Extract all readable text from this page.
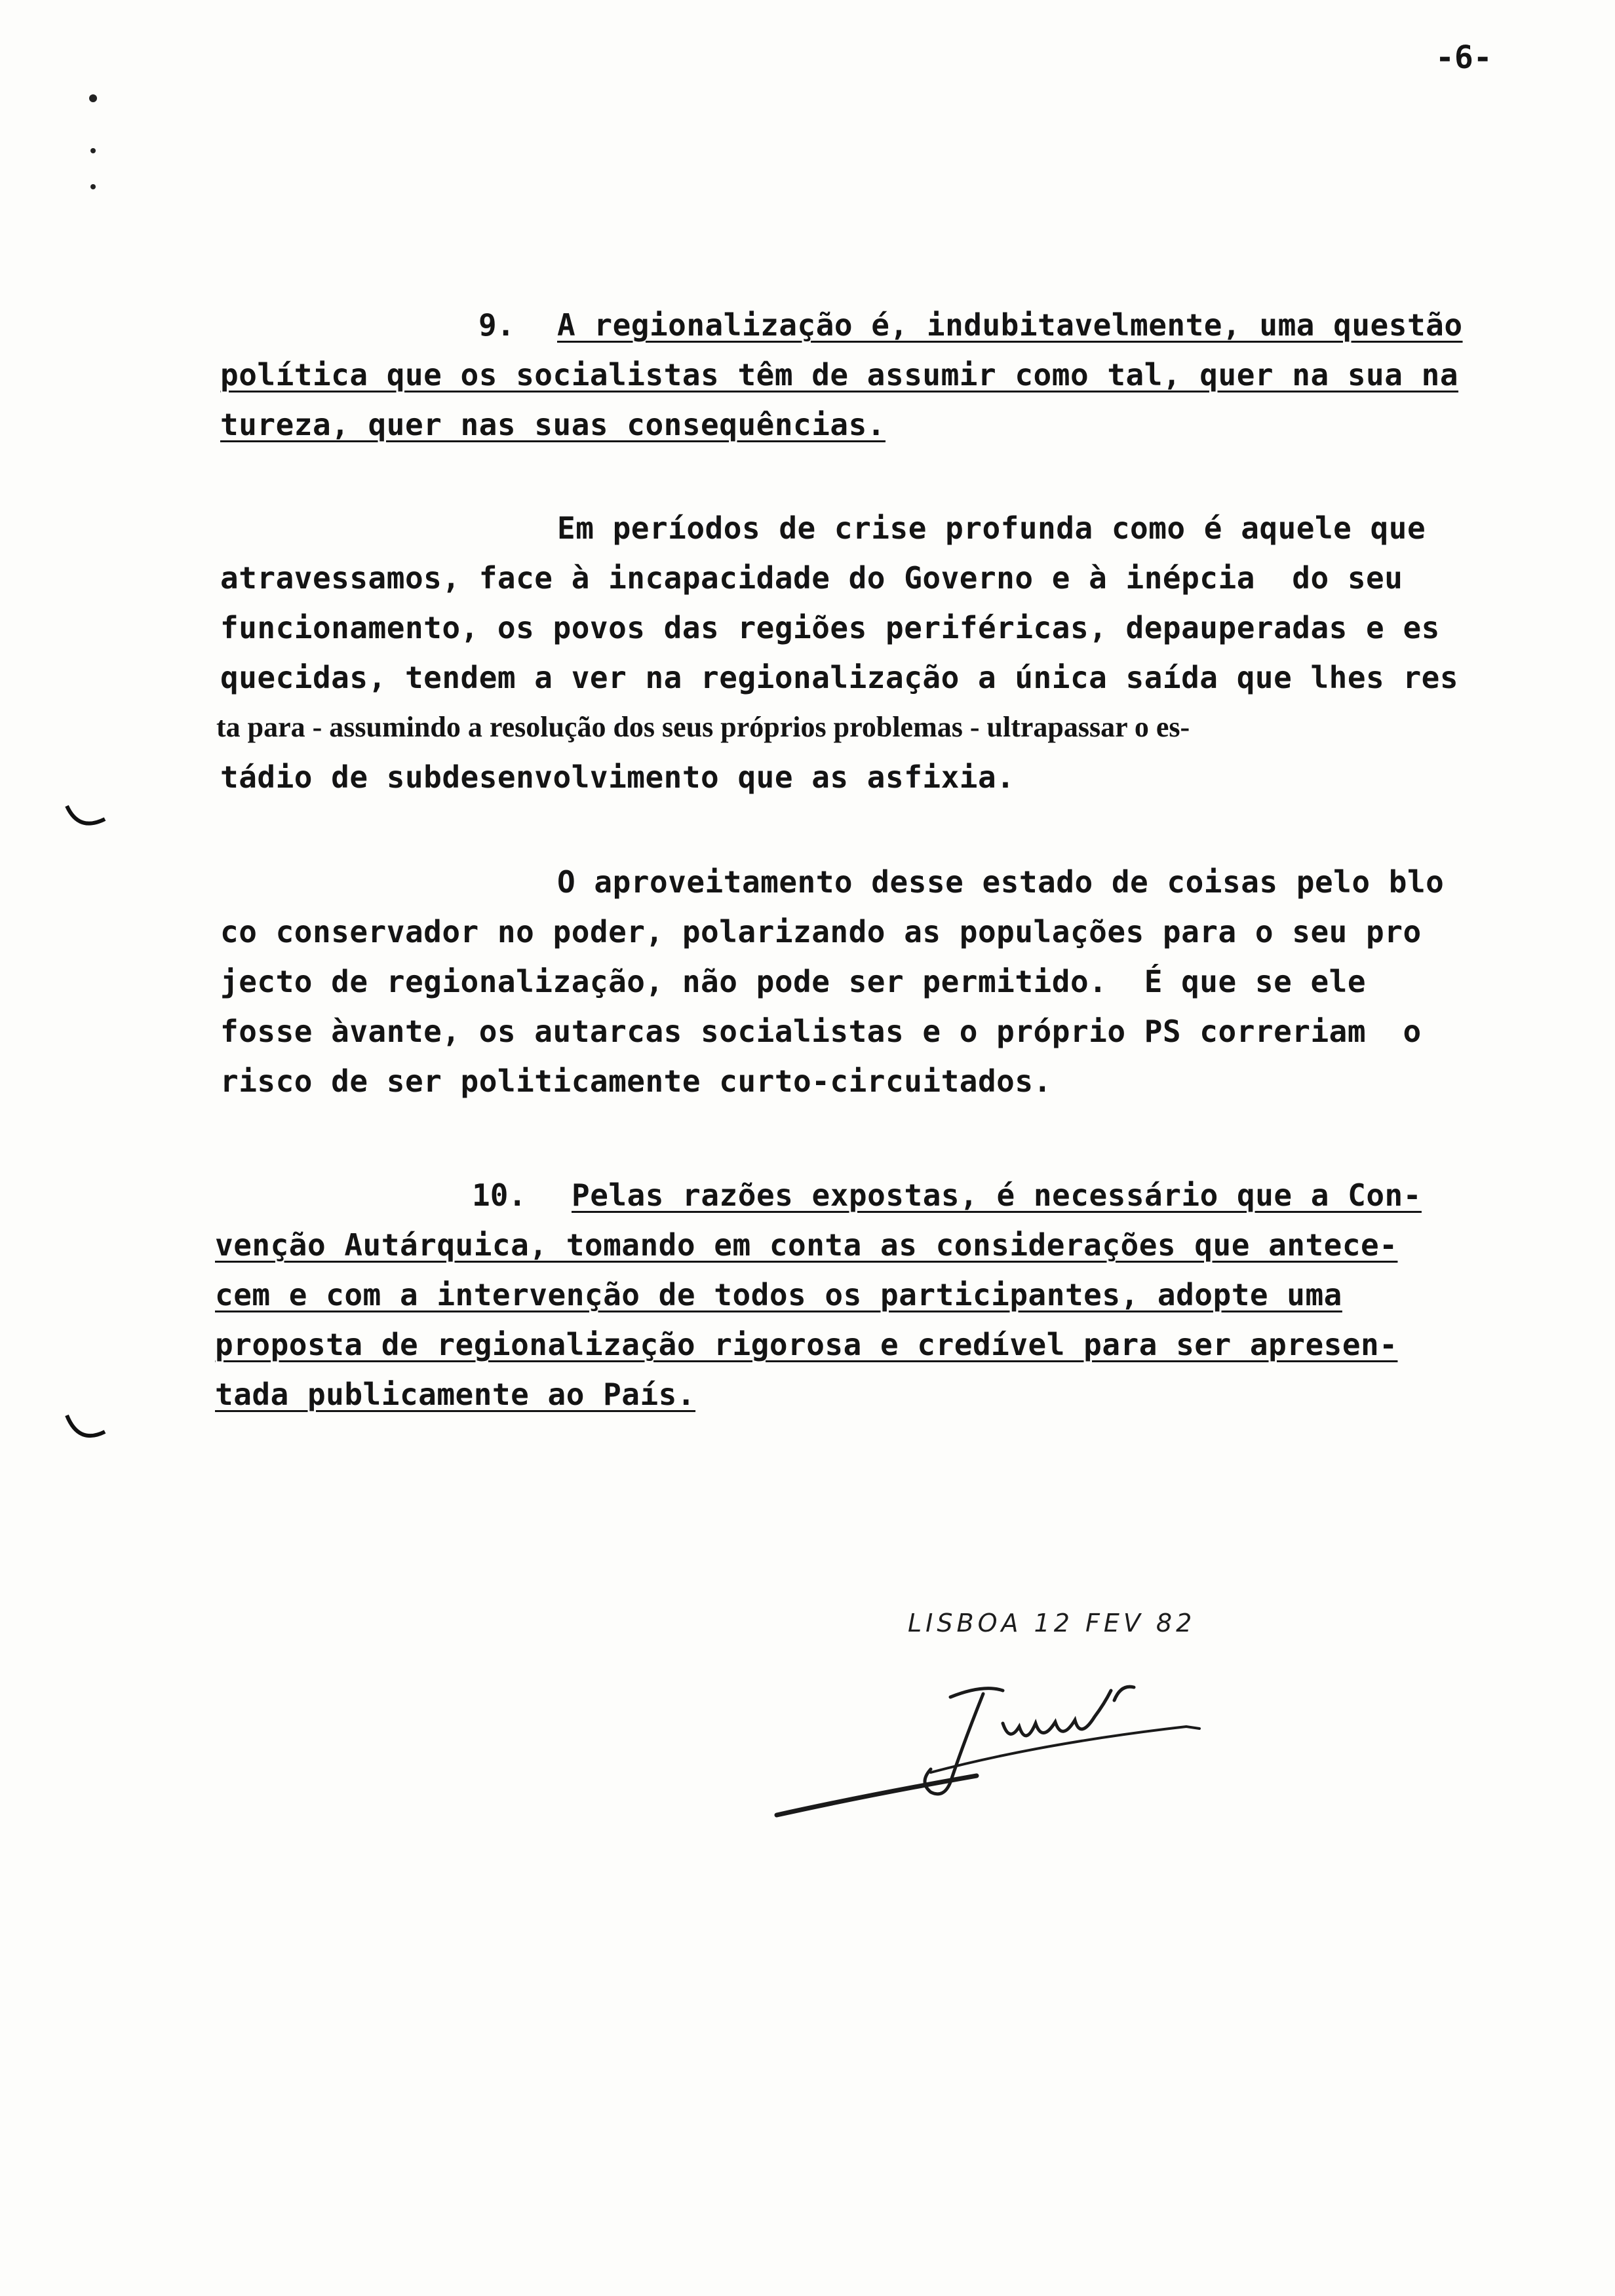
-6-
9. A regionalização é, indubitavelmente, uma questão
política que os socialistas têm de assumir como tal, quer na sua na
tureza, quer nas suas consequências.
Em períodos de crise profunda como é aquele que
atravessamos, face à incapacidade do Governo e à inépcia  do seu
funcionamento, os povos das regiões periféricas, depauperadas e es
quecidas, tendem a ver na regionalização a única saída que lhes res
ta para - assumindo a resolução dos seus próprios problemas - ultrapassar o es-
tádio de subdesenvolvimento que as asfixia.
O aproveitamento desse estado de coisas pelo blo
co conservador no poder, polarizando as populações para o seu pro
jecto de regionalização, não pode ser permitido.  É que se ele
fosse àvante, os autarcas socialistas e o próprio PS correriam  o
risco de ser politicamente curto-circuitados.
10. Pelas razões expostas, é necessário que a Con-
venção Autárquica, tomando em conta as considerações que antece-
cem e com a intervenção de todos os participantes, adopte uma
proposta de regionalização rigorosa e credível para ser apresen-
tada publicamente ao País.
LISBOA 12 FEV 82
